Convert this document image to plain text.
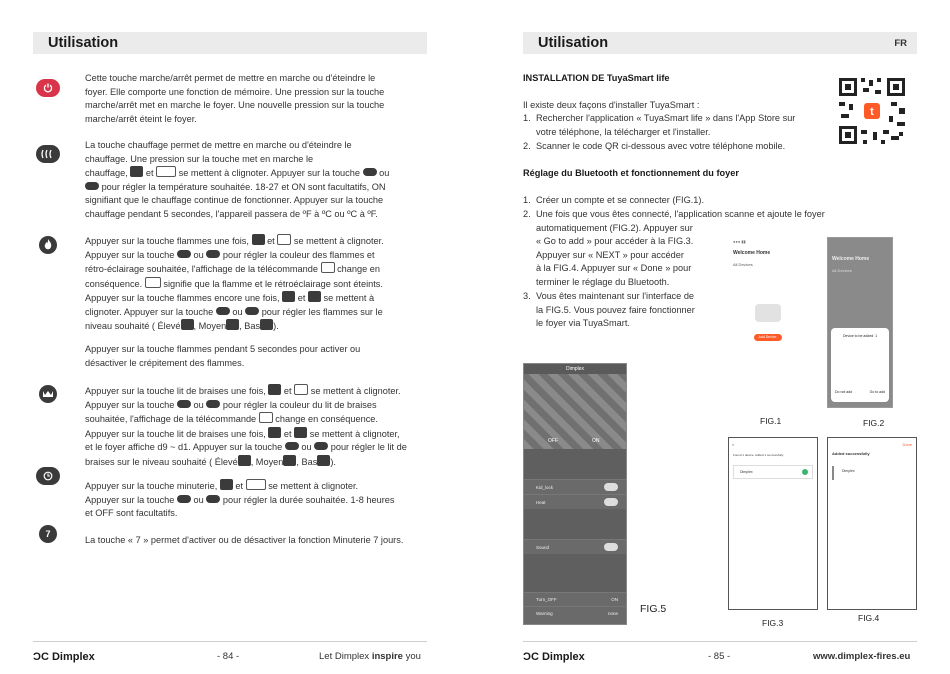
Utilisation
Cette touche marche/arrêt permet de mettre en marche ou d'éteindre le
foyer. Elle comporte une fonction de mémoire. Une pression sur la touche
marche/arrêt met en marche le foyer. Une nouvelle pression sur la touche
marche/arrêt éteint le foyer.
La touche chauffage permet de mettre en marche ou d'éteindre le
chauffage. Une pression sur la touche met en marche le
chauffage, et	se mettent à clignoter. Appuyer sur la touche ou
pour régler la température souhaitée. 18-27 et ON sont facultatifs, ON
signifiant que le chauffage continue de fonctionner. Appuyer sur la touche
chauffage pendant 5 secondes, l'appareil passera de ºF à ºC ou ºC à ºF.
Appuyer sur la touche flammes une fois, et se mettent à clignoter.
Appuyer sur la touche ou pour régler la couleur des flammes et
rétro-éclairage souhaitée, l'affichage de la télécommande change en
conséquence. signifie que la flamme et le rétroéclairage sont éteints.
Appuyer sur la touche flammes encore une fois, et se mettent à
clignoter. Appuyer sur la touche ou pour régler les flammes sur le
niveau souhaité ( Élevé , Moyen , Bas ).
Appuyer sur la touche flammes pendant 5 secondes pour activer ou
désactiver le crépitement des flammes.
Appuyer sur la touche lit de braises une fois, et se mettent à clignoter.
Appuyer sur la touche ou pour régler la couleur du lit de braises
souhaitée, l'affichage de la télécommande change en conséquence.
Appuyer sur la touche lit de braises une fois, et se mettent à clignoter,
et le foyer affiche d9 ~ d1. Appuyer sur la touche ou pour régler le lit de
braises sur le niveau souhaité ( Élevé , Moyen , Bas ).
Appuyer sur la touche minuterie, et	se mettent à clignoter.
Appuyer sur la touche ou pour régler la durée souhaitée. 1-8 heures
et OFF sont facultatifs.
7
La touche « 7 » permet d'activer ou de désactiver la fonction Minuterie 7 jours.
ϽC Dimplex	- 84 -	Let Dimplex inspire you
Utilisation	FR
INSTALLATION DE TuyaSmart life
Il existe deux façons d'installer TuyaSmart :
1. Rechercher l'application « TuyaSmart life » dans l'App Store sur
votre téléphone, la télécharger et l'installer.
2. Scanner le code QR ci-dessous avec votre téléphone mobile.
Réglage du Bluetooth et fonctionnement du foyer
1. Créer un compte et se connecter (FIG.1).
2. Une fois que vous êtes connecté, l'application scanne et ajoute le foyer
automatiquement (FIG.2). Appuyer sur
« Go to add » pour accéder à la FIG.3.
Appuyer sur « NEXT » pour accéder
à la FIG.4. Appuyer sur « Done » pour
terminer le réglage du Bluetooth.
3. Vous êtes maintenant sur l'interface de
la FIG.5. Vous pouvez faire fonctionner
le foyer via TuyaSmart.
Dimplex
OFF	ON
Kid_lock
Heat
Sound
Turn_OFF	ON
Warning	none FIG.5
t
●●● ▮▮
Welcome Home
All Devices
Add Device
FIG.1
Welcome Home
All Devices
Device to be added: 1
Do not add	Go to add
FIG.2
×
Found 1 device. Added 1 successfully.
Dimplex
FIG.3
Done
Added successfully
Dimplex
FIG.4
ϽC Dimplex	- 85 -	www.dimplex-fires.eu
